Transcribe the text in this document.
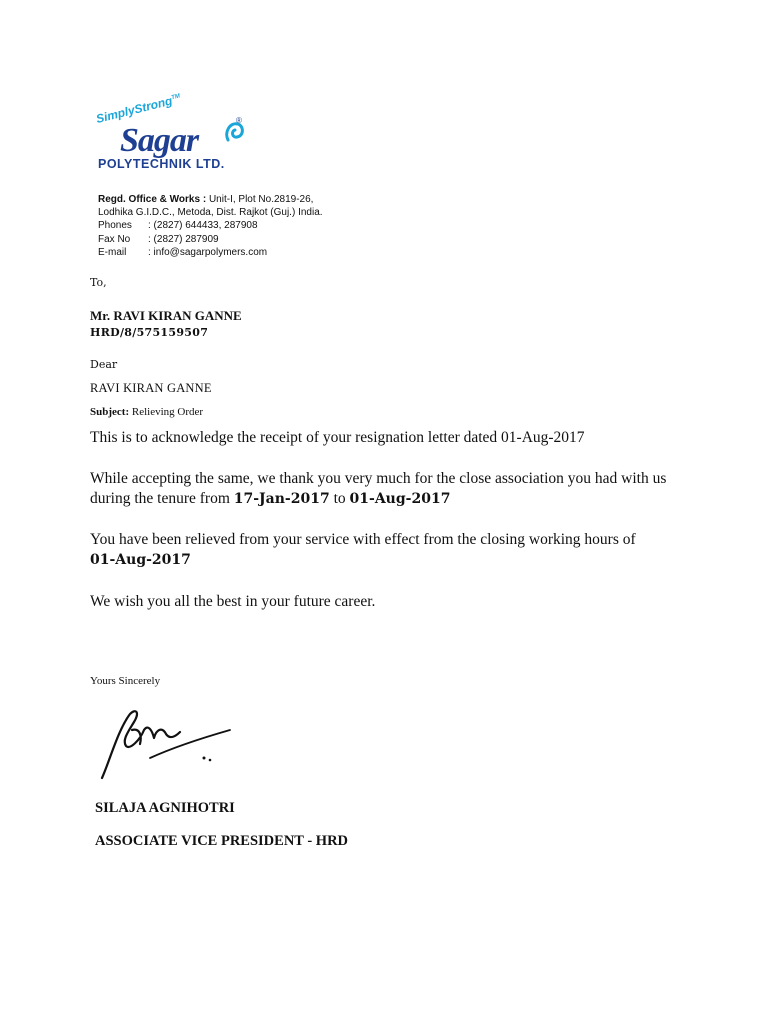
SimplyStrong™
Sagar
®
POLYTECHNIK LTD.
Regd. Office & Works : Unit-I, Plot No.2819-26,
Lodhika G.I.D.C., Metoda, Dist. Rajkot (Guj.) India.
Phones : (2827) 644433, 287908
Fax No : (2827) 287909
E-mail : info@sagarpolymers.com
To,
Mr. RAVI KIRAN GANNE
HRD/8/575159507
Dear
RAVI KIRAN GANNE
Subject: Relieving Order
This is to acknowledge the receipt of your resignation letter dated 01-Aug-2017
While accepting the same, we thank you very much for the close association you had with us during the tenure from 17-Jan-2017 to 01-Aug-2017
You have been relieved from your service with effect from the closing working hours of
01-Aug-2017
We wish you all the best in your future career.
Yours Sincerely
SILAJA AGNIHOTRI
ASSOCIATE VICE PRESIDENT - HRD
